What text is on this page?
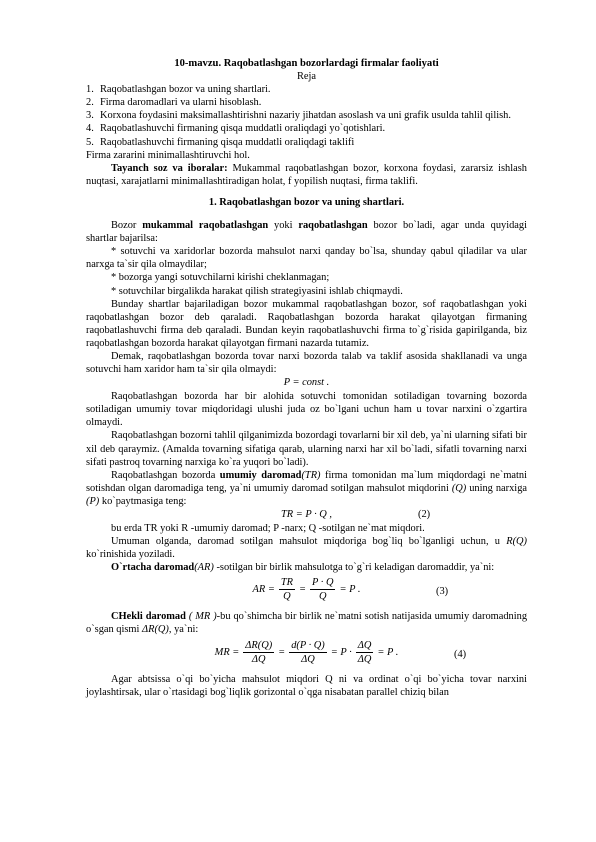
10-mavzu. Raqobatlashgan bozorlardagi firmalar faoliyati
Reja
1. Raqobatlashgan bozor va uning shartlari.
2. Firma daromadlari va ularni hisoblash.
3. Korxona foydasini maksimallashtirishni nazariy jihatdan asoslash va uni grafik usulda tahlil qilish.
4. Raqobatlashuvchi firmaning qisqa muddatli oraliqdagi yo`qotishlari.
5. Raqobatlashuvchi firmaning qisqa muddatli oraliqdagi taklifi
Firma zararini minimallashtiruvchi hol.
Tayanch soz va iboralar: Mukammal raqobatlashgan bozor, korxona foydasi, zararsiz ishlash nuqtasi, xarajatlarni minimallashtiradigan holat, f yopilish nuqtasi, firma taklifi.
1. Raqobatlashgan bozor va uning shartlari.
Bozor mukammal raqobatlashgan yoki raqobatlashgan bozor bo`ladi, agar unda quyidagi shartlar bajarilsa:
* sotuvchi va xaridorlar bozorda mahsulot narxi qanday bo`lsa, shunday qabul qiladilar va ular narxga ta`sir qila olmaydilar;
* bozorga yangi sotuvchilarni kirishi cheklanmagan;
* sotuvchilar birgalikda harakat qilish strategiyasini ishlab chiqmaydi.
Bunday shartlar bajariladigan bozor mukammal raqobatlashgan bozor, sof raqobatlashgan yoki raqobatlashgan bozor deb qaraladi. Raqobatlashgan bozorda harakat qilayotgan firmaning raqobatlashuvchi firma deb qaraladi. Bundan keyin raqobatlashuvchi firma to`g`risida gapirilganda, biz raqobatlashgan bozorda harakat qilayotgan firmani nazarda tutamiz.
Demak, raqobatlashgan bozorda tovar narxi bozorda talab va taklif asosida shakllanadi va unga sotuvchi ham xaridor ham ta`sir qila olmaydi:
P = const .
Raqobatlashgan bozorda har bir alohida sotuvchi tomonidan sotiladigan tovarning bozorda sotiladigan umumiy tovar miqdoridagi ulushi juda oz bo`lgani uchun ham u tovar narxini o`zgartira olmaydi.
Raqobatlashgan bozorni tahlil qilganimizda bozordagi tovarlarni bir xil deb, ya`ni ularning sifati bir xil deb qaraymiz. (Amalda tovarning sifatiga qarab, ularning narxi har xil bo`ladi, sifatli tovarning narxi sifati pastroq tovarning narxiga ko`ra yuqori bo`ladi).
Raqobatlashgan bozorda umumiy daromad(TR) firma tomonidan ma`lum miqdordagi ne`matni sotishdan olgan daromadiga teng, ya`ni umumiy daromad sotilgan mahsulot miqdorini (Q) uning narxiga (P) ko`paytmasiga teng:
TR = P · Q ,	(2)
bu erda TR yoki R -umumiy daromad; P -narx; Q -sotilgan ne`mat miqdori.
Umuman olganda, daromad sotilgan mahsulot miqdoriga bog`liq bo`lganligi uchun, u R(Q) ko`rinishida yoziladi.
O`rtacha daromad(AR) -sotilgan bir birlik mahsulotga to`g`ri keladigan daromaddir, ya`ni:
AR = $\frac{TR}{Q} = \frac{P \cdot Q}{Q} = P$ .	(3)
CHekli daromad ( MR )-bu qo`shimcha bir birlik ne`matni sotish natijasida umumiy daromadning o`sgan qismi ΔR(Q), ya`ni:
MR = $\frac{\Delta R(Q)}{\Delta Q} = \frac{d(P \cdot Q)}{\Delta Q} = P \cdot \frac{\Delta Q}{\Delta Q} = P$ .	(4)
Agar abtsissa o`qi bo`yicha mahsulot miqdori Q ni va ordinat o`qi bo`yicha tovar narxini joylashtirsak, ular o`rtasidagi bog`liqlik gorizontal o`qga nisabatan parallel chiziq bilan
